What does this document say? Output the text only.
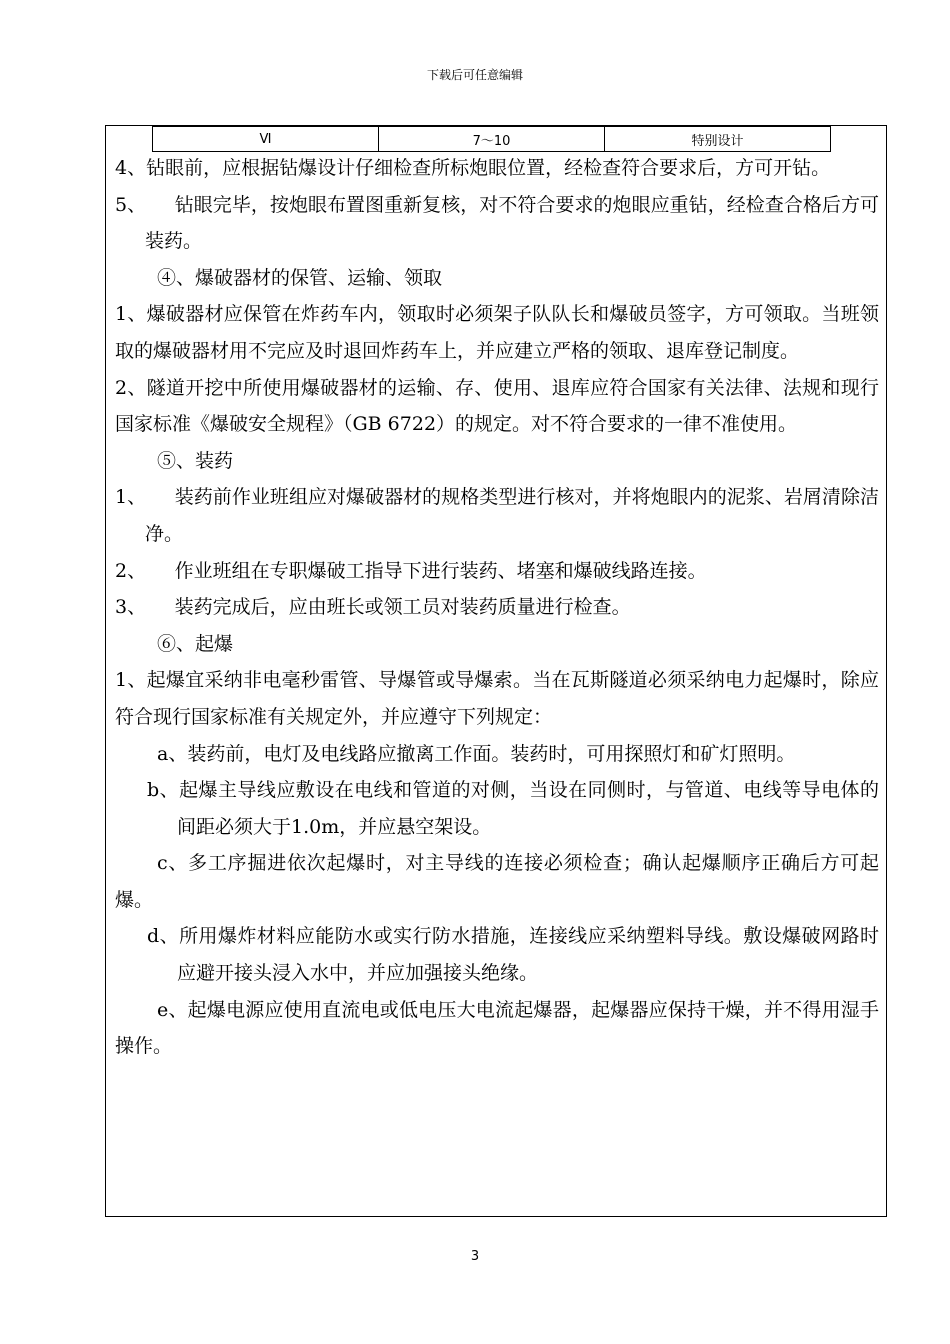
下载后可任意编辑
Ⅵ	7～10	特别设计

4、钻眼前，应根据钻爆设计仔细检查所标炮眼位置，经检查符合要求后，方可开钻。

5、　　钻眼完毕，按炮眼布置图重新复核，对不符合要求的炮眼应重钻，经检查合格后方可装药。

④、爆破器材的保管、运输、领取

1、爆破器材应保管在炸药车内，领取时必须架子队队长和爆破员签字，方可领取。当班领取的爆破器材用不完应及时退回炸药车上，并应建立严格的领取、退库登记制度。

2、隧道开挖中所使用爆破器材的运输、存、使用、退库应符合国家有关法律、法规和现行国家标准《爆破安全规程》（GB 6722）的规定。对不符合要求的一律不准使用。

⑤、装药

1、　　装药前作业班组应对爆破器材的规格类型进行核对，并将炮眼内的泥浆、岩屑清除洁净。

2、　　作业班组在专职爆破工指导下进行装药、堵塞和爆破线路连接。

3、　　装药完成后，应由班长或领工员对装药质量进行检查。

⑥、起爆

1、起爆宜采纳非电毫秒雷管、导爆管或导爆索。当在瓦斯隧道必须采纳电力起爆时，除应符合现行国家标准有关规定外，并应遵守下列规定：

a、装药前，电灯及电线路应撤离工作面。装药时，可用探照灯和矿灯照明。

b、起爆主导线应敷设在电线和管道的对侧，当设在同侧时，与管道、电线等导电体的间距必须大于1.0m，并应悬空架设。

c、多工序掘进依次起爆时，对主导线的连接必须检查；确认起爆顺序正确后方可起爆。

d、所用爆炸材料应能防水或实行防水措施，连接线应采纳塑料导线。敷设爆破网路时应避开接头浸入水中，并应加强接头绝缘。

e、起爆电源应使用直流电或低电压大电流起爆器，起爆器应保持干燥，并不得用湿手操作。

3
